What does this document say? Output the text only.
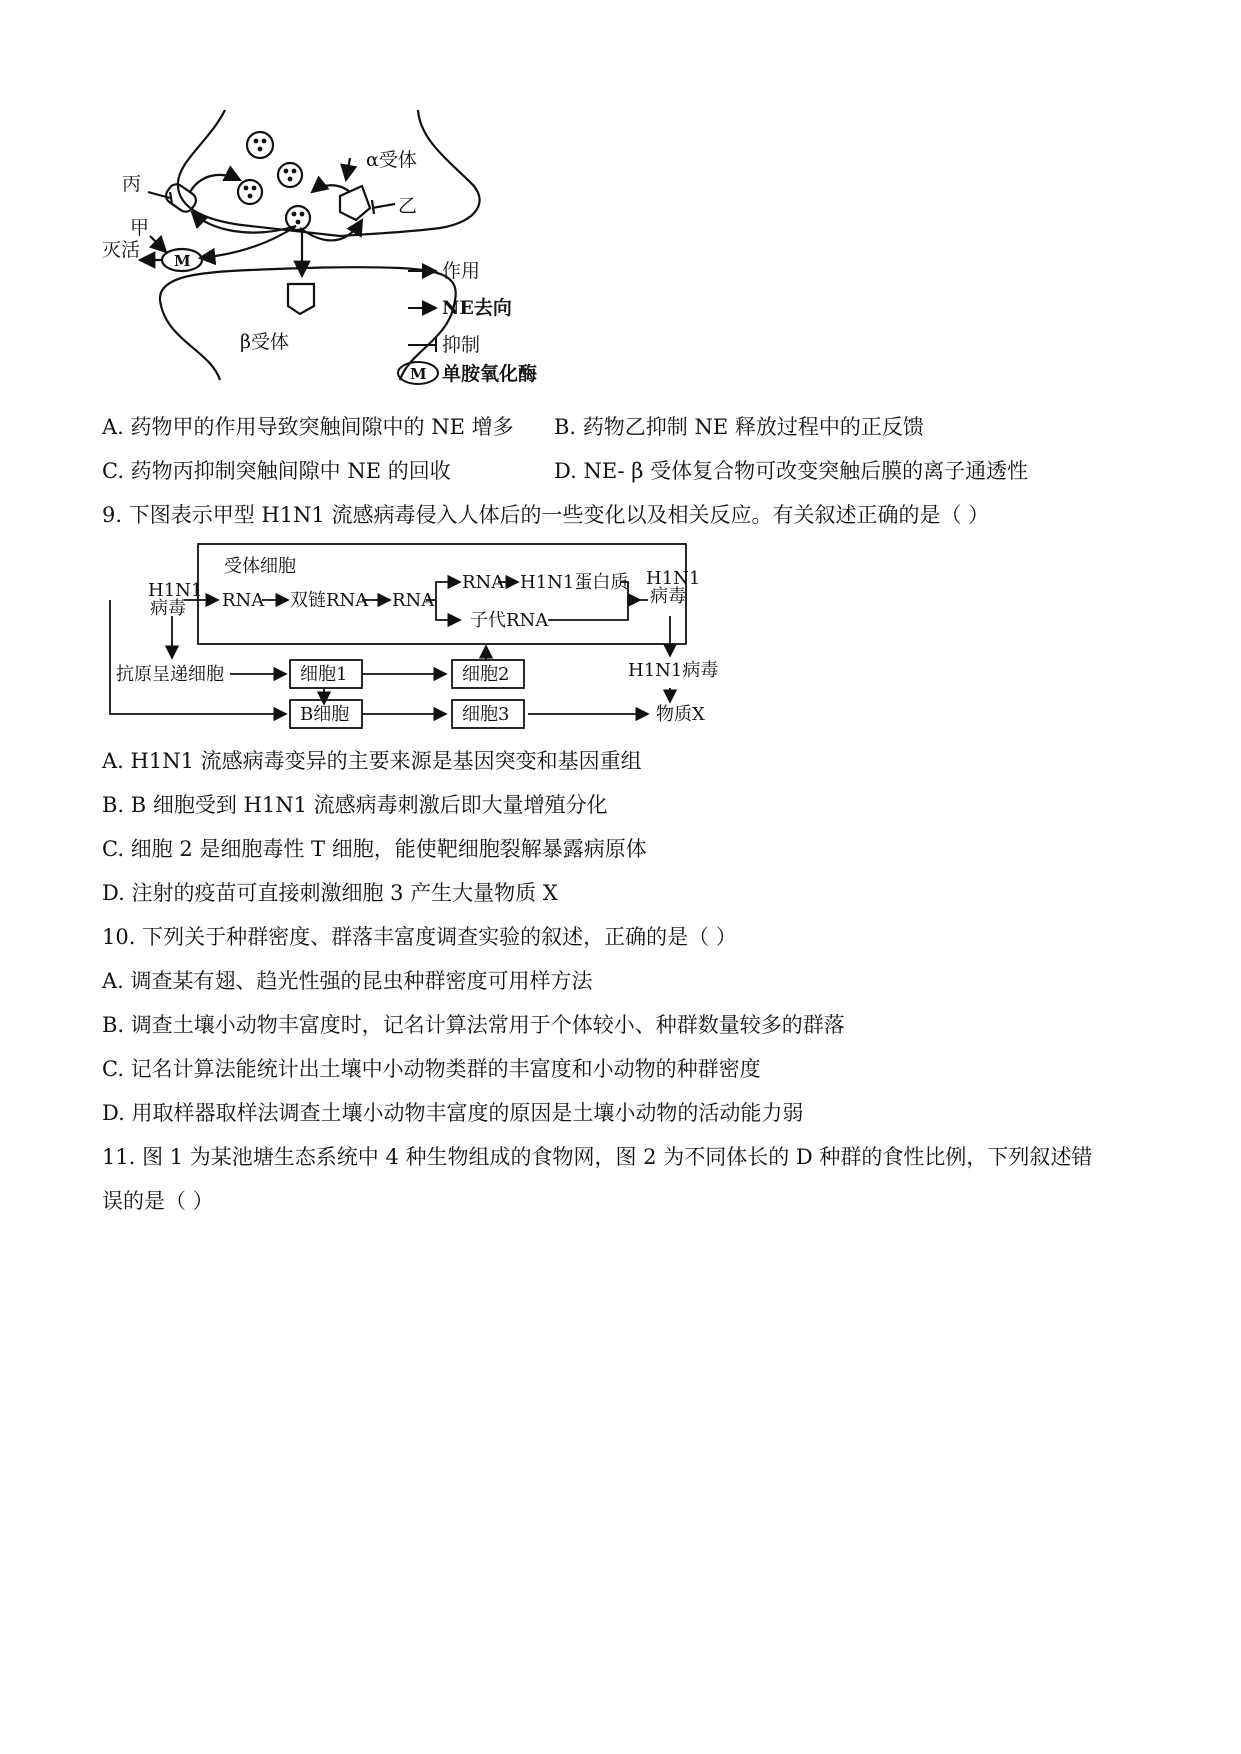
丙
甲
灭活
乙
α受体
β受体
M	作用
NE去向
抑制
M 单胺氧化酶
A. 药物甲的作用导致突触间隙中的 NE 增多 B. 药物乙抑制 NE 释放过程中的正反馈
C. 药物丙抑制突触间隙中 NE 的回收	D. NE- β 受体复合物可改变突触后膜的离子通透性
9. 下图表示甲型 H1N1 流感病毒侵入人体后的一些变化以及相关反应。有关叙述正确的是（ ）
受体细胞
H1N1
病毒 RNA 双链RNA RNA
RNA H1N1蛋白质
子代RNA
H1N1
病毒
抗原呈递细胞	细胞1	细胞2	H1N1病毒
B细胞	细胞3	物质X
A. H1N1 流感病毒变异的主要来源是基因突变和基因重组
B. B 细胞受到 H1N1 流感病毒刺激后即大量增殖分化
C. 细胞 2 是细胞毒性 T 细胞，能使靶细胞裂解暴露病原体
D. 注射的疫苗可直接刺激细胞 3 产生大量物质 X
10. 下列关于种群密度、群落丰富度调查实验的叙述，正确的是（ ）
A. 调查某有翅、趋光性强的昆虫种群密度可用样方法
B. 调查土壤小动物丰富度时，记名计算法常用于个体较小、种群数量较多的群落
C. 记名计算法能统计出土壤中小动物类群的丰富度和小动物的种群密度
D. 用取样器取样法调查土壤小动物丰富度的原因是土壤小动物的活动能力弱
11. 图 1 为某池塘生态系统中 4 种生物组成的食物网，图 2 为不同体长的 D 种群的食性比例，下列叙述错
误的是（ ）
